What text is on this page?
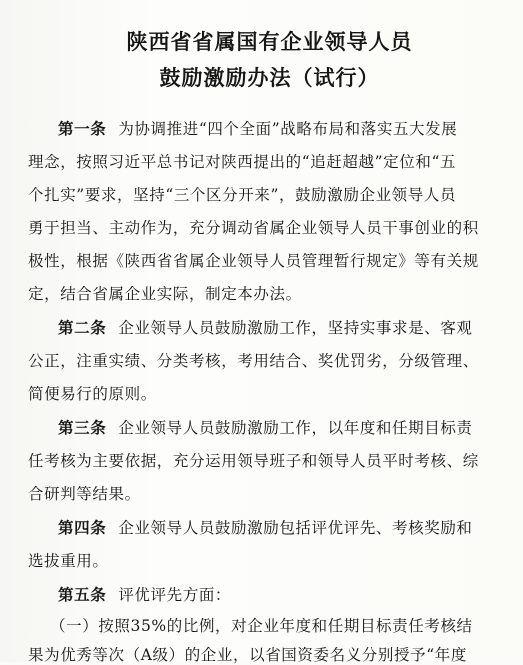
陕西省省属国有企业领导人员
鼓励激励办法（试行）
第一条 为协调推进“四个全面”战略布局和落实五大发展
理念，按照习近平总书记对陕西提出的“追赶超越”定位和“五
个扎实”要求，坚持“三个区分开来”，鼓励激励企业领导人员
勇于担当、主动作为，充分调动省属企业领导人员干事创业的积
极性，根据《陕西省省属企业领导人员管理暂行规定》等有关规
定，结合省属企业实际，制定本办法。
第二条 企业领导人员鼓励激励工作，坚持实事求是、客观
公正，注重实绩、分类考核，考用结合、奖优罚劣，分级管理、
简便易行的原则。
第三条 企业领导人员鼓励激励工作，以年度和任期目标责
任考核为主要依据，充分运用领导班子和领导人员平时考核、综
合研判等结果。
第四条 企业领导人员鼓励激励包括评优评先、考核奖励和
选拔重用。
第五条 评优评先方面：
（一）按照35%的比例，对企业年度和任期目标责任考核结
果为优秀等次（A级）的企业，以省国资委名义分别授予“年度
